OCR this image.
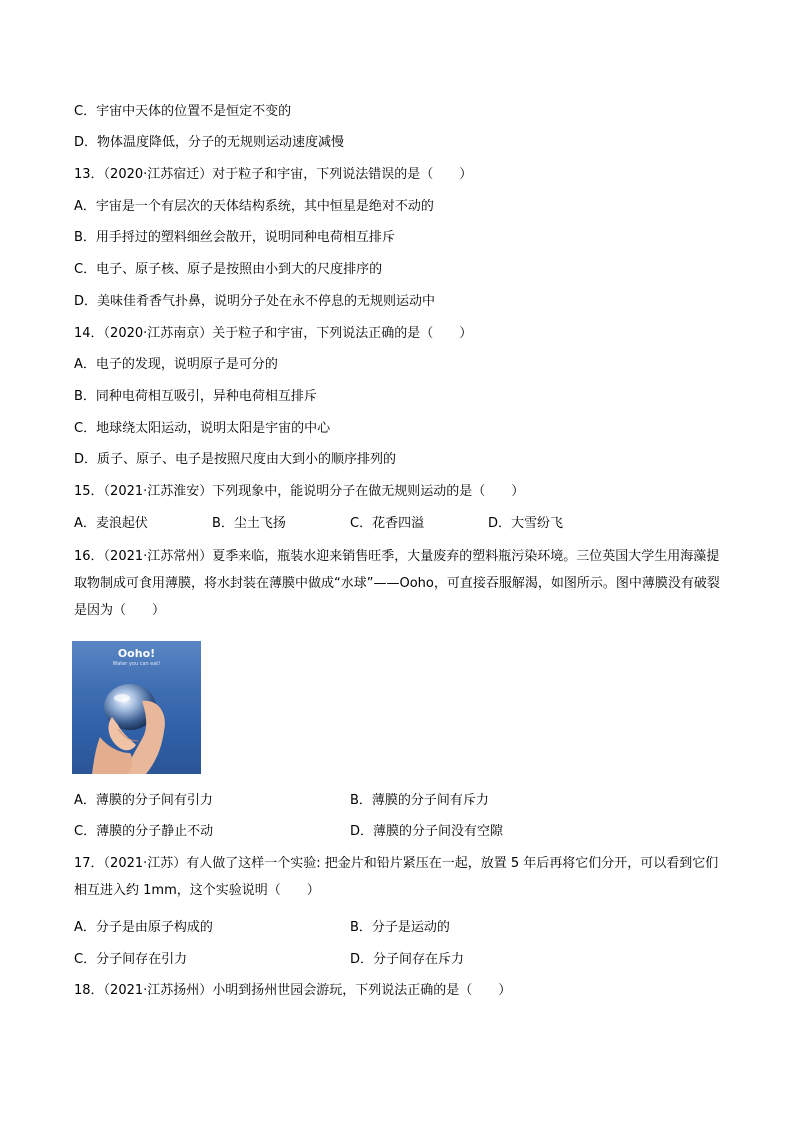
C．宇宙中天体的位置不是恒定不变的
D．物体温度降低，分子的无规则运动速度减慢
13．（2020·江苏宿迁）对于粒子和宇宙，下列说法错误的是（　　）
A．宇宙是一个有层次的天体结构系统，其中恒星是绝对不动的
B．用手捋过的塑料细丝会散开，说明同种电荷相互排斥
C．电子、原子核、原子是按照由小到大的尺度排序的
D．美味佳肴香气扑鼻，说明分子处在永不停息的无规则运动中
14．（2020·江苏南京）关于粒子和宇宙，下列说法正确的是（　　）
A．电子的发现，说明原子是可分的
B．同种电荷相互吸引，异种电荷相互排斥
C．地球绕太阳运动，说明太阳是宇宙的中心
D．质子、原子、电子是按照尺度由大到小的顺序排列的
15．（2021·江苏淮安）下列现象中，能说明分子在做无规则运动的是（　　）
A．麦浪起伏	B．尘土飞扬	C．花香四溢	D．大雪纷飞
16．（2021·江苏常州）夏季来临，瓶装水迎来销售旺季，大量废弃的塑料瓶污染环境。三位英国大学生用海藻提取物制成可食用薄膜，将水封装在薄膜中做成“水球”——Ooho，可直接吞服解渴，如图所示。图中薄膜没有破裂是因为（　　）
Ooho!
Water you can eat!
A．薄膜的分子间有引力	B．薄膜的分子间有斥力
C．薄膜的分子静止不动	D．薄膜的分子间没有空隙
17．（2021·江苏）有人做了这样一个实验: 把金片和铅片紧压在一起，放置 5 年后再将它们分开，可以看到它们相互进入约 1mm，这个实验说明（　　）
A．分子是由原子构成的	B．分子是运动的
C．分子间存在引力	D．分子间存在斥力
18．（2021·江苏扬州）小明到扬州世园会游玩，下列说法正确的是（　　）
